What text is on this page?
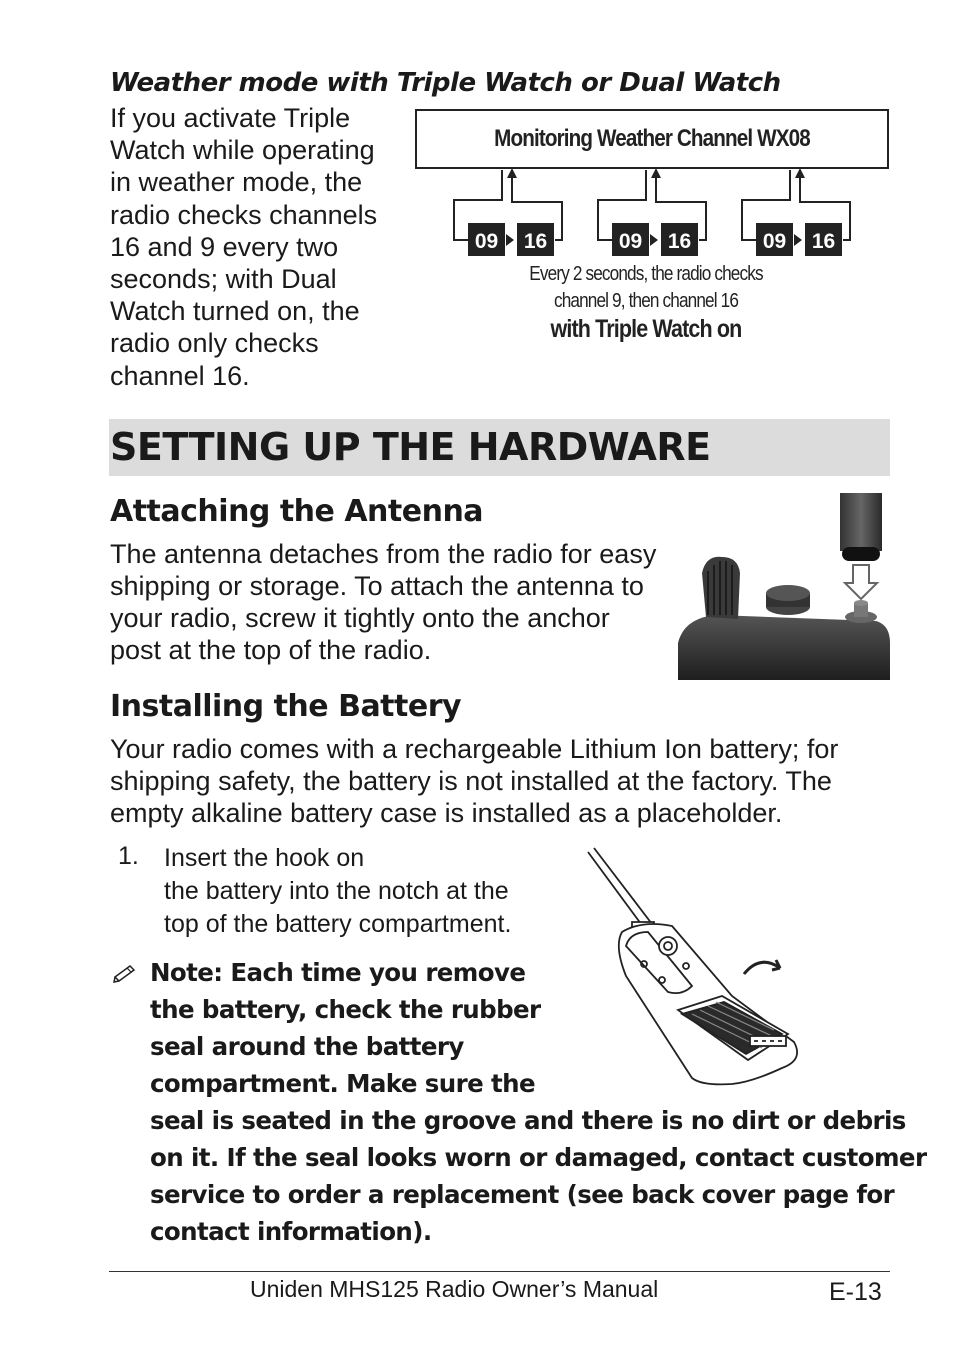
Weather mode with Triple Watch or Dual Watch
If you activate Triple
Watch while operating
in weather mode, the
radio checks channels
16 and 9 every two
seconds; with Dual
Watch turned on, the
radio only checks
channel 16.
Monitoring Weather Channel WX08
09 16	09 16	09 16
Every 2 seconds, the radio checks
channel 9, then channel 16
with Triple Watch on
SETTING UP THE HARDWARE
Attaching the Antenna
The antenna detaches from the radio for easy
shipping or storage. To attach the antenna to
your radio, screw it tightly onto the anchor
post at the top of the radio.
Installing the Battery
Your radio comes with a rechargeable Lithium Ion battery; for
shipping safety, the battery is not installed at the factory. The
empty alkaline battery case is installed as a placeholder.
1. Insert the hook on
the battery into the notch at the
top of the battery compartment.
Note: Each time you remove
the battery, check the rubber
seal around the battery
compartment. Make sure the
seal is seated in the groove and there is no dirt or debris
on it. If the seal looks worn or damaged, contact customer
service to order a replacement (see back cover page for
contact information).
Uniden MHS125 Radio Owner’s Manual	E-13
